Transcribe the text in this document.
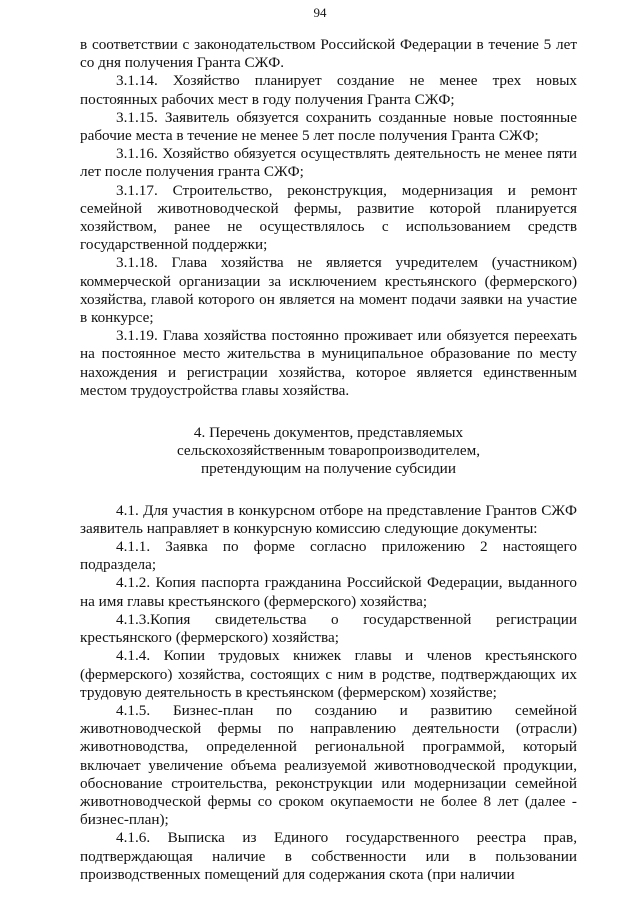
94

в соответствии с законодательством Российской Федерации в течение 5 лет со дня получения Гранта СЖФ.

3.1.14. Хозяйство планирует создание не менее трех новых постоянных рабочих мест в году получения Гранта СЖФ;

3.1.15. Заявитель обязуется сохранить созданные новые постоянные рабочие места в течение не менее 5 лет после получения Гранта СЖФ;

3.1.16. Хозяйство обязуется осуществлять деятельность не менее пяти лет после получения гранта СЖФ;

3.1.17. Строительство, реконструкция, модернизация и ремонт семейной животноводческой фермы, развитие которой планируется хозяйством, ранее не осуществлялось с использованием средств государственной поддержки;

3.1.18. Глава хозяйства не является учредителем (участником) коммерческой организации за исключением крестьянского (фермерского) хозяйства, главой которого он является на момент подачи заявки на участие в конкурсе;

3.1.19. Глава хозяйства постоянно проживает или обязуется переехать на постоянное место жительства в муниципальное образование по месту нахождения и регистрации хозяйства, которое является единственным местом трудоустройства главы хозяйства.

4. Перечень документов, представляемых
сельскохозяйственным товаропроизводителем,
претендующим на получение субсидии

4.1. Для участия в конкурсном отборе на представление Грантов СЖФ заявитель направляет в конкурсную комиссию следующие документы:

4.1.1. Заявка по форме согласно приложению 2 настоящего подраздела;

4.1.2. Копия паспорта гражданина Российской Федерации, выданного на имя главы крестьянского (фермерского) хозяйства;

4.1.3.Копия свидетельства о государственной регистрации крестьянского (фермерского) хозяйства;

4.1.4. Копии трудовых книжек главы и членов крестьянского (фермерского) хозяйства, состоящих с ним в родстве, подтверждающих их трудовую деятельность в крестьянском (фермерском) хозяйстве;

4.1.5. Бизнес-план по созданию и развитию семейной животноводческой фермы по направлению деятельности (отрасли) животноводства, определенной региональной программой, который включает увеличение объема реализуемой животноводческой продукции, обоснование строительства, реконструкции или модернизации семейной животноводческой фермы со сроком окупаемости не более 8 лет (далее - бизнес-план);

4.1.6. Выписка из Единого государственного реестра прав, подтверждающая наличие в собственности или в пользовании производственных помещений для содержания скота (при наличии
